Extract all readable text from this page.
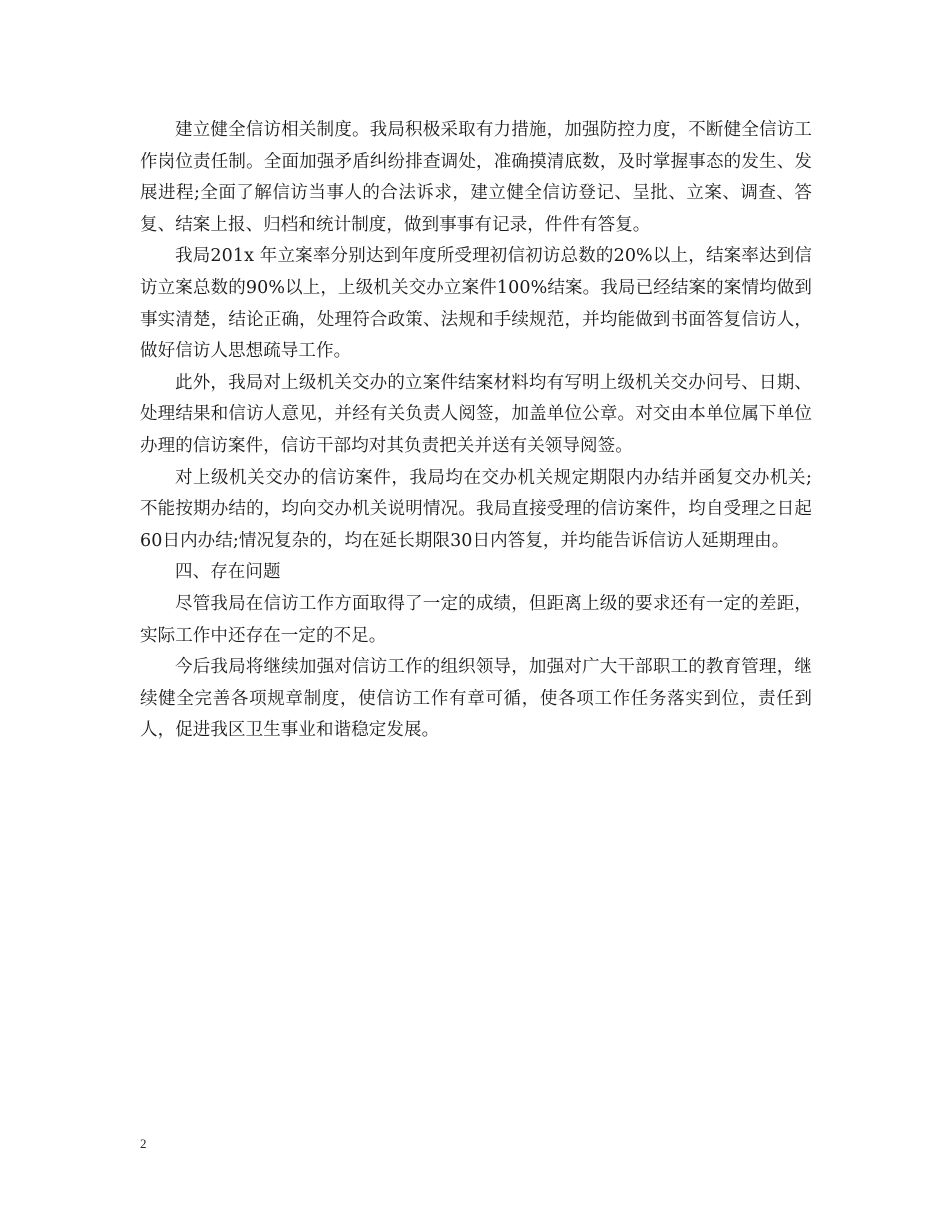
建立健全信访相关制度。我局积极采取有力措施，加强防控力度，不断健全信访工作岗位责任制。全面加强矛盾纠纷排查调处，准确摸清底数，及时掌握事态的发生、发展进程;全面了解信访当事人的合法诉求，建立健全信访登记、呈批、立案、调查、答复、结案上报、归档和统计制度，做到事事有记录，件件有答复。

我局201x 年立案率分别达到年度所受理初信初访总数的20%以上，结案率达到信访立案总数的90%以上，上级机关交办立案件100%结案。我局已经结案的案情均做到事实清楚，结论正确，处理符合政策、法规和手续规范，并均能做到书面答复信访人，做好信访人思想疏导工作。

此外，我局对上级机关交办的立案件结案材料均有写明上级机关交办问号、日期、处理结果和信访人意见，并经有关负责人阅签，加盖单位公章。对交由本单位属下单位办理的信访案件，信访干部均对其负责把关并送有关领导阅签。

对上级机关交办的信访案件，我局均在交办机关规定期限内办结并函复交办机关;不能按期办结的，均向交办机关说明情况。我局直接受理的信访案件，均自受理之日起60日内办结;情况复杂的，均在延长期限30日内答复，并均能告诉信访人延期理由。

四、存在问题

尽管我局在信访工作方面取得了一定的成绩，但距离上级的要求还有一定的差距，实际工作中还存在一定的不足。

今后我局将继续加强对信访工作的组织领导，加强对广大干部职工的教育管理，继续健全完善各项规章制度，使信访工作有章可循，使各项工作任务落实到位，责任到人，促进我区卫生事业和谐稳定发展。

2
